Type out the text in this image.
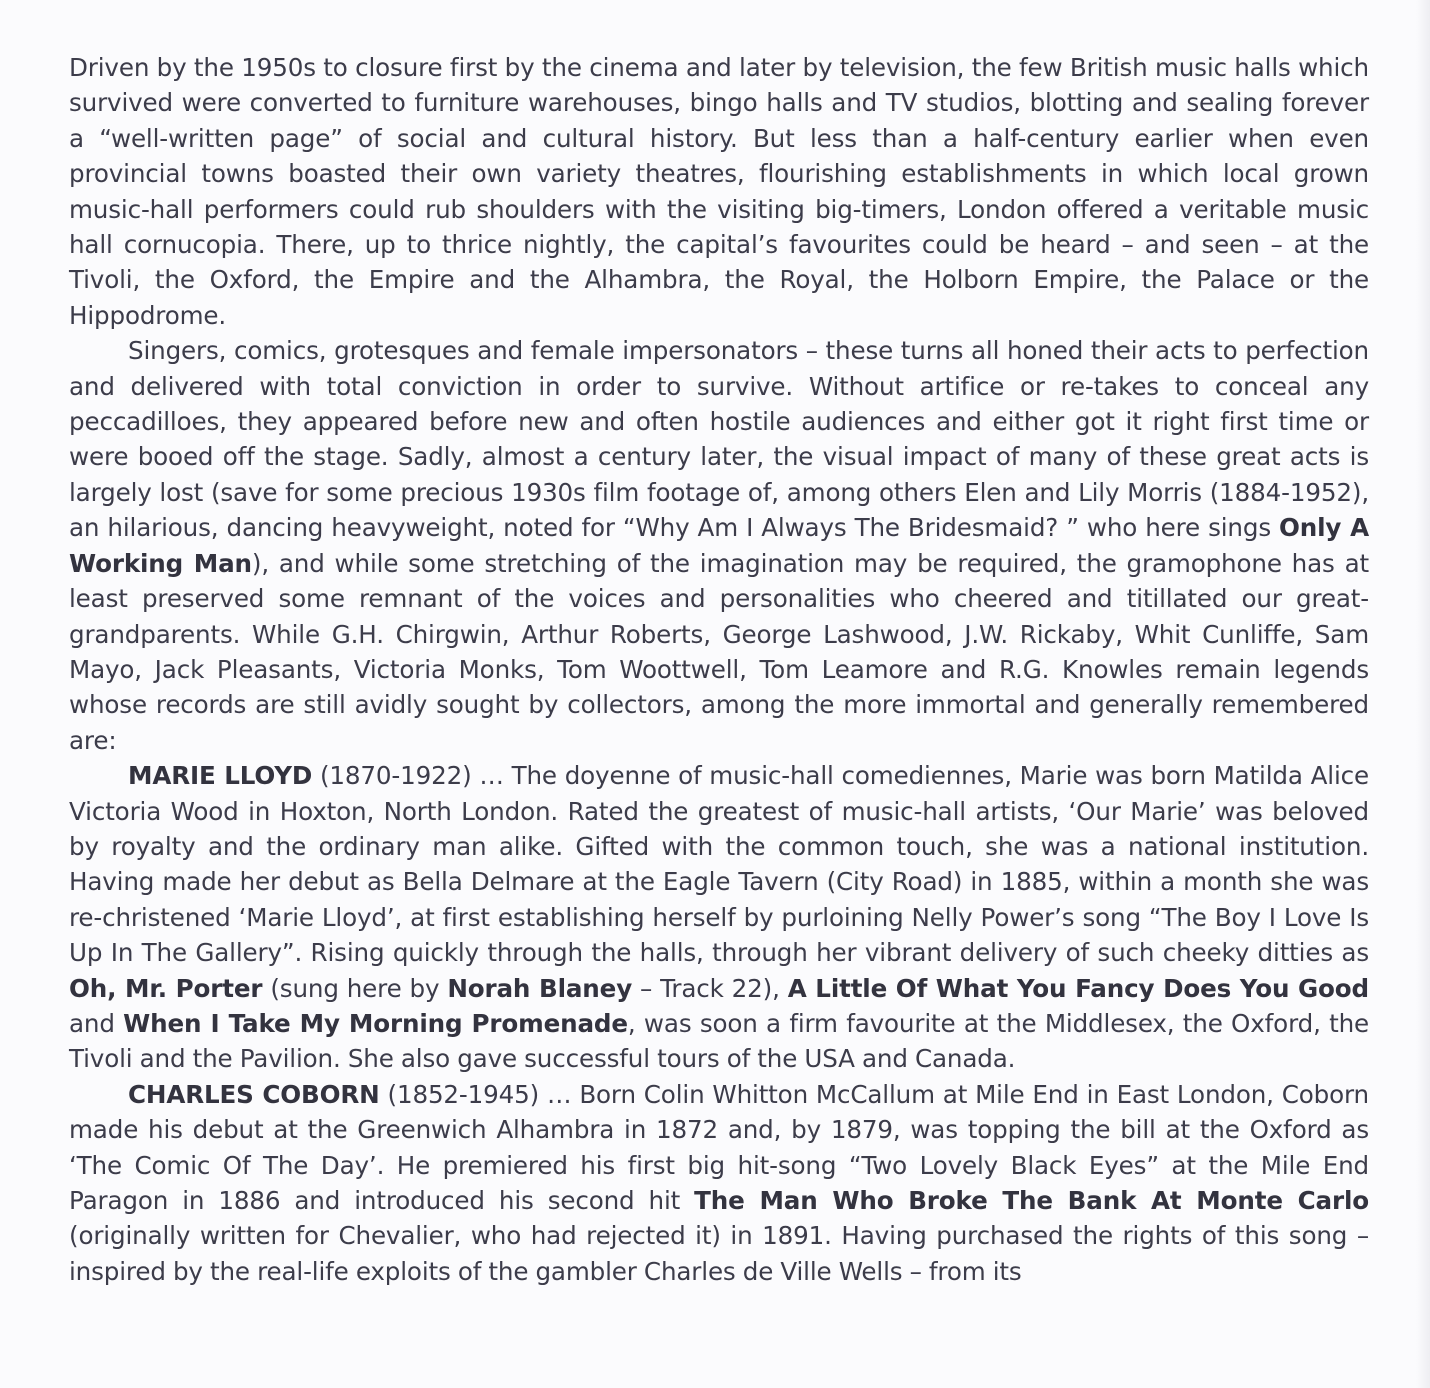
Driven by the 1950s to closure first by the cinema and later by television, the few British music halls which survived were converted to furniture warehouses, bingo halls and TV studios, blotting and sealing forever a “well-written page” of social and cultural history. But less than a half-century earlier when even provincial towns boasted their own variety theatres, flourishing establishments in which local grown music-hall performers could rub shoulders with the visiting big-timers, London offered a veritable music hall cornucopia. There, up to thrice nightly, the capital’s favourites could be heard – and seen – at the Tivoli, the Oxford, the Empire and the Alhambra, the Royal, the Holborn Empire, the Palace or the Hippodrome.

Singers, comics, grotesques and female impersonators – these turns all honed their acts to perfection and delivered with total conviction in order to survive. Without artifice or re-takes to conceal any peccadilloes, they appeared before new and often hostile audiences and either got it right first time or were booed off the stage. Sadly, almost a century later, the visual impact of many of these great acts is largely lost (save for some precious 1930s film footage of, among others Elen and Lily Morris (1884-1952), an hilarious, dancing heavyweight, noted for “Why Am I Always The Bridesmaid? ” who here sings Only A Working Man), and while some stretching of the imagination may be required, the gramophone has at least preserved some remnant of the voices and personalities who cheered and titillated our great-grandparents. While G.H. Chirgwin, Arthur Roberts, George Lashwood, J.W. Rickaby, Whit Cunliffe, Sam Mayo, Jack Pleasants, Victoria Monks, Tom Woottwell, Tom Leamore and R.G. Knowles remain legends whose records are still avidly sought by collectors, among the more immortal and generally remembered are:

MARIE LLOYD (1870-1922) … The doyenne of music-hall comediennes, Marie was born Matilda Alice Victoria Wood in Hoxton, North London. Rated the greatest of music-hall artists, ‘Our Marie’ was beloved by royalty and the ordinary man alike. Gifted with the common touch, she was a national institution. Having made her debut as Bella Delmare at the Eagle Tavern (City Road) in 1885, within a month she was re-christened ‘Marie Lloyd’, at first establishing herself by purloining Nelly Power’s song “The Boy I Love Is Up In The Gallery”. Rising quickly through the halls, through her vibrant delivery of such cheeky ditties as Oh, Mr. Porter (sung here by Norah Blaney – Track 22), A Little Of What You Fancy Does You Good and When I Take My Morning Promenade, was soon a firm favourite at the Middlesex, the Oxford, the Tivoli and the Pavilion. She also gave successful tours of the USA and Canada.

CHARLES COBORN (1852-1945) … Born Colin Whitton McCallum at Mile End in East London, Coborn made his debut at the Greenwich Alhambra in 1872 and, by 1879, was topping the bill at the Oxford as ‘The Comic Of The Day’. He premiered his first big hit-song “Two Lovely Black Eyes” at the Mile End Paragon in 1886 and introduced his second hit The Man Who Broke The Bank At Monte Carlo (originally written for Chevalier, who had rejected it) in 1891. Having purchased the rights of this song – inspired by the real-life exploits of the gambler Charles de Ville Wells – from its
